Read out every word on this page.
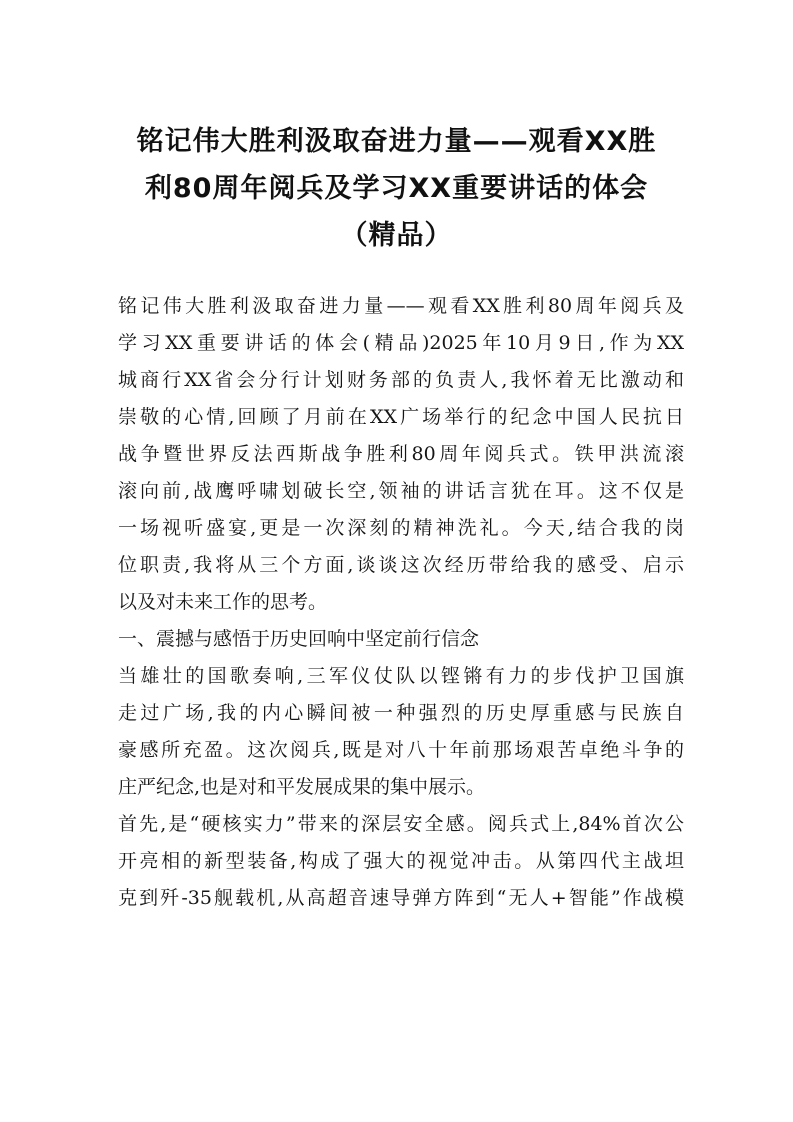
铭记伟大胜利汲取奋进力量——观看XX胜
利80周年阅兵及学习XX重要讲话的体会
（精品）
铭记伟大胜利汲取奋进力量——观看XX胜利80周年阅兵及
学习XX重要讲话的体会(精品)2025年10月9日,作为XX
城商行XX省会分行计划财务部的负责人,我怀着无比激动和
崇敬的心情,回顾了月前在XX广场举行的纪念中国人民抗日
战争暨世界反法西斯战争胜利80周年阅兵式。铁甲洪流滚
滚向前,战鹰呼啸划破长空,领袖的讲话言犹在耳。这不仅是
一场视听盛宴,更是一次深刻的精神洗礼。今天,结合我的岗
位职责,我将从三个方面,谈谈这次经历带给我的感受、启示
以及对未来工作的思考。
一、震撼与感悟于历史回响中坚定前行信念
当雄壮的国歌奏响,三军仪仗队以铿锵有力的步伐护卫国旗
走过广场,我的内心瞬间被一种强烈的历史厚重感与民族自
豪感所充盈。这次阅兵,既是对八十年前那场艰苦卓绝斗争的
庄严纪念,也是对和平发展成果的集中展示。
首先,是“硬核实力”带来的深层安全感。阅兵式上,84%首次公
开亮相的新型装备,构成了强大的视觉冲击。从第四代主战坦
克到歼-35舰载机,从高超音速导弹方阵到“无人+智能”作战模
